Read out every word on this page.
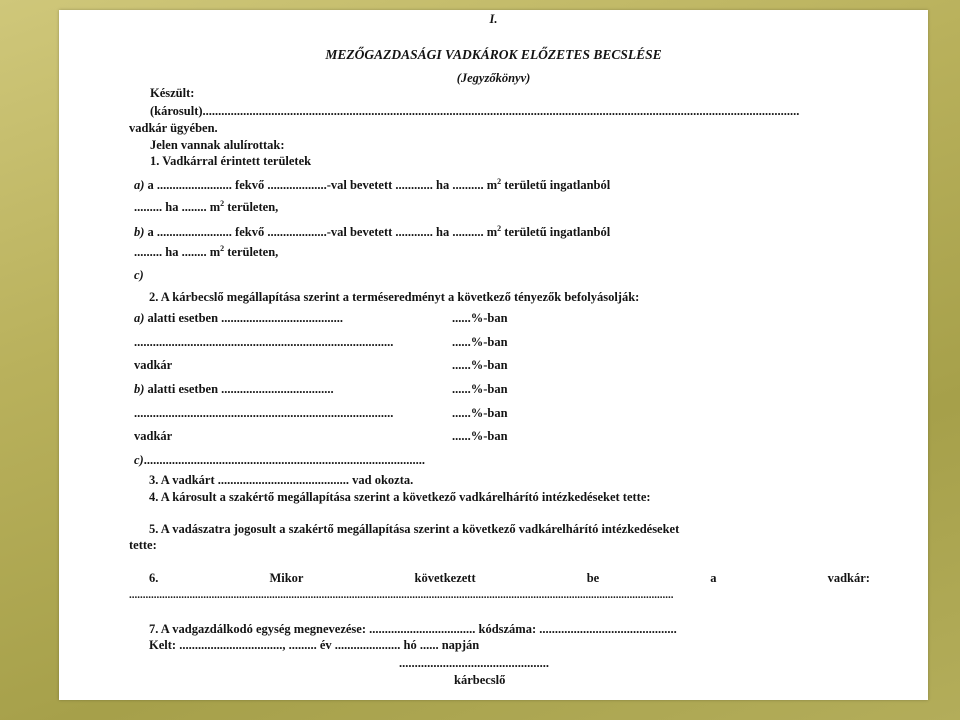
I.
MEZŐGAZDASÁGI VADKÁROK ELŐZETES BECSLÉSE
(Jegyzőkönyv)
Készült:
(károsult)...............................................................................................................................................................................................
vadkár ügyében.
Jelen vannak alulírottak:
1. Vadkárral érintett területek
a) a ........................ fekvő ...................-val bevetett ............ ha .......... $m^2$ területű ingatlanból
......... ha ........ $m^2$ területen,
b) a ........................ fekvő ...................-val bevetett ............ ha .......... $m^2$ területű ingatlanból
......... ha ........ $m^2$ területen,
c)
2. A kárbecslő megállapítása szerint a terméseredményt a következő tényezők befolyásolják:
a) alatti esetben .......................................	......%-ban
...................................................................................	......%-ban
vadkár	......%-ban
b) alatti esetben ....................................	......%-ban
...................................................................................	......%-ban
vadkár	......%-ban
c)..........................................................................................
3. A vadkárt .......................................... vad okozta.
4. A károsult a szakértő megállapítása szerint a következő vadkárelhárító intézkedéseket tette:
5. A vadászatra jogosult a szakértő megállapítása szerint a következő vadkárelhárító intézkedéseket
tette:
6.	Mikor	következett	be	a	vadkár:
......................................................................................................................................................................................................
7. A vadgazdálkodó egység megnevezése: .................................. kódszáma: ............................................
Kelt: ................................., ......... év ..................... hó ...... napján
................................................
kárbecslő
